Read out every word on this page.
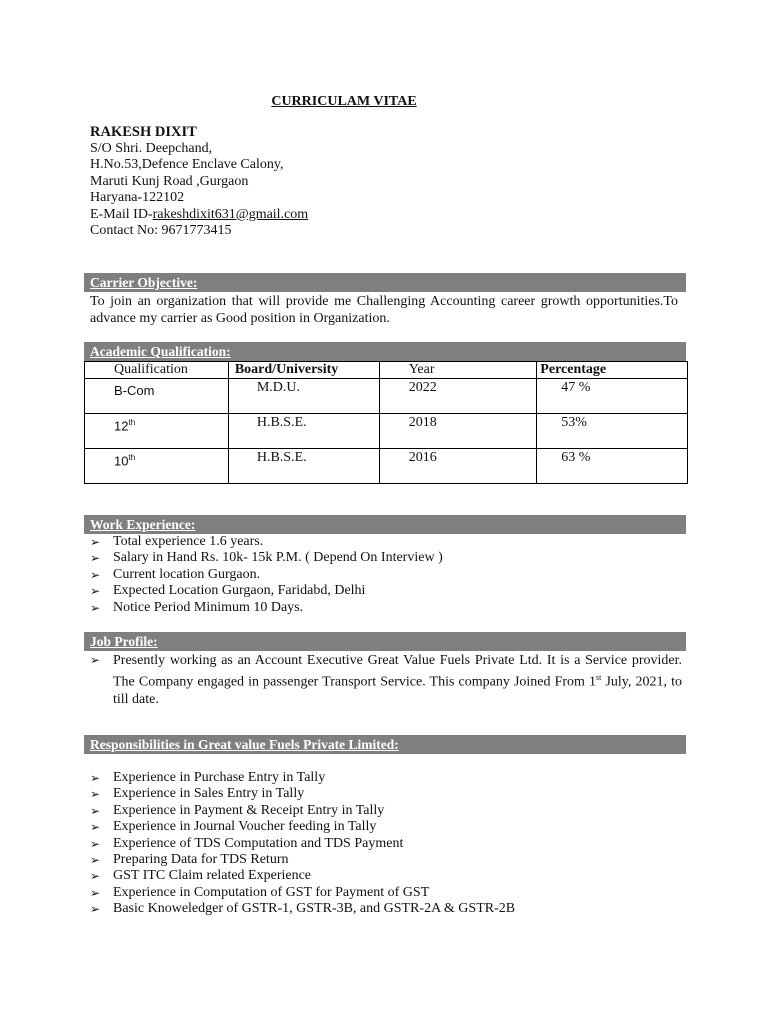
CURRICULAM VITAE
RAKESH DIXIT
S/O Shri. Deepchand,
H.No.53,Defence Enclave Calony,
Maruti Kunj Road ,Gurgaon
Haryana-122102
E-Mail ID-rakeshdixit631@gmail.com
Contact No: 9671773415
Carrier Objective:
To join an organization that will provide me Challenging Accounting career growth opportunities.To advance my carrier as Good position in Organization.
Academic Qualification:
Qualification	Board/University	Year	Percentage

B-Com	M.D.U.	2022	47 %

12th	H.B.S.E.	2018	53%

10th	H.B.S.E.	2016	63 %
Work Experience:
➢ Total experience 1.6 years.
➢ Salary in Hand Rs. 10k- 15k P.M. ( Depend On Interview )
➢ Current location Gurgaon.
➢ Expected Location Gurgaon, Faridabd, Delhi
➢ Notice Period Minimum 10 Days.
Job Profile:
➢ Presently working as an Account Executive Great Value Fuels Private Ltd. It is a Service provider. The Company engaged in passenger Transport Service. This company Joined From 1st July, 2021, to till date.
Responsibilities in Great value Fuels Private Limited:
➢ Experience in Purchase Entry in Tally
➢ Experience in Sales Entry in Tally
➢ Experience in Payment & Receipt Entry in Tally
➢ Experience in Journal Voucher feeding in Tally
➢ Experience of TDS Computation and TDS Payment
➢ Preparing Data for TDS Return
➢ GST ITC Claim related Experience
➢ Experience in Computation of GST for Payment of GST
➢ Basic Knoweledger of GSTR-1, GSTR-3B, and GSTR-2A & GSTR-2B
